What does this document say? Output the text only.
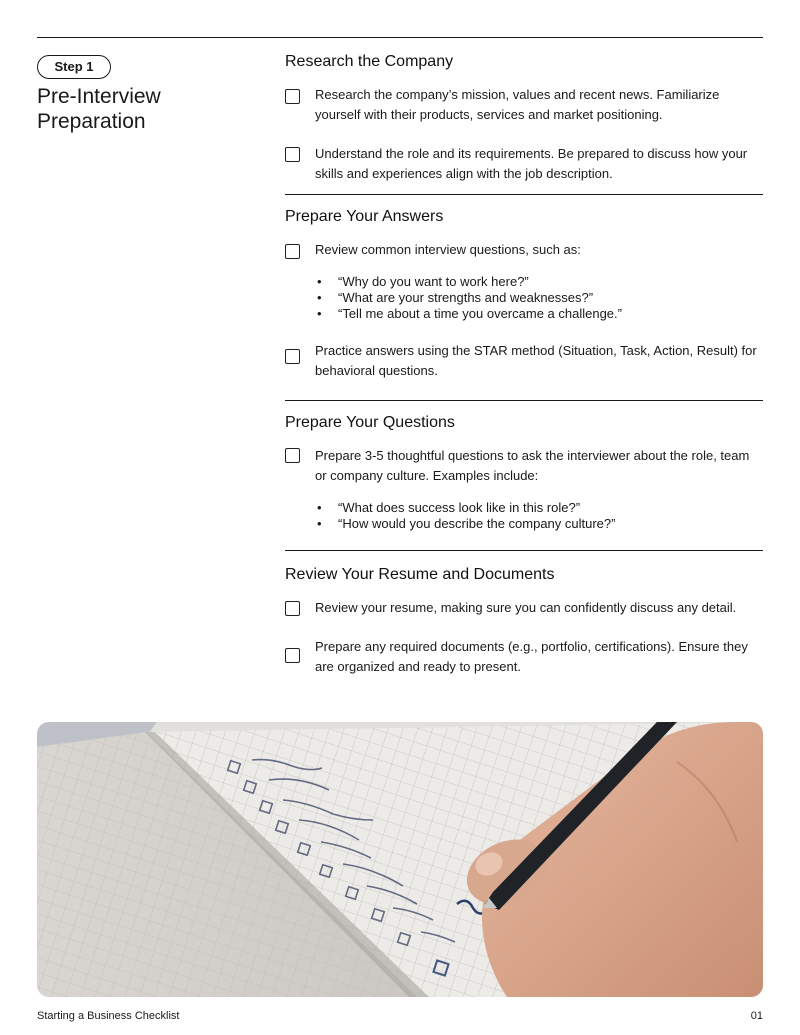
Step 1
Pre-Interview Preparation
Research the Company
Research the company’s mission, values and recent news. Familiarize yourself with their products, services and market positioning.
Understand the role and its requirements. Be prepared to discuss how your skills and experiences align with the job description.
Prepare Your Answers
Review common interview questions, such as:
• “Why do you want to work here?”
• “What are your strengths and weaknesses?”
• “Tell me about a time you overcame a challenge.”
Practice answers using the STAR method (Situation, Task, Action, Result) for behavioral questions.
Prepare Your Questions
Prepare 3-5 thoughtful questions to ask the interviewer about the role, team or company culture. Examples include:
• “What does success look like in this role?”
• “How would you describe the company culture?”
Review Your Resume and Documents
Review your resume, making sure you can confidently discuss any detail.
Prepare any required documents (e.g., portfolio, certifications). Ensure they are organized and ready to present.
Starting a Business Checklist	01
